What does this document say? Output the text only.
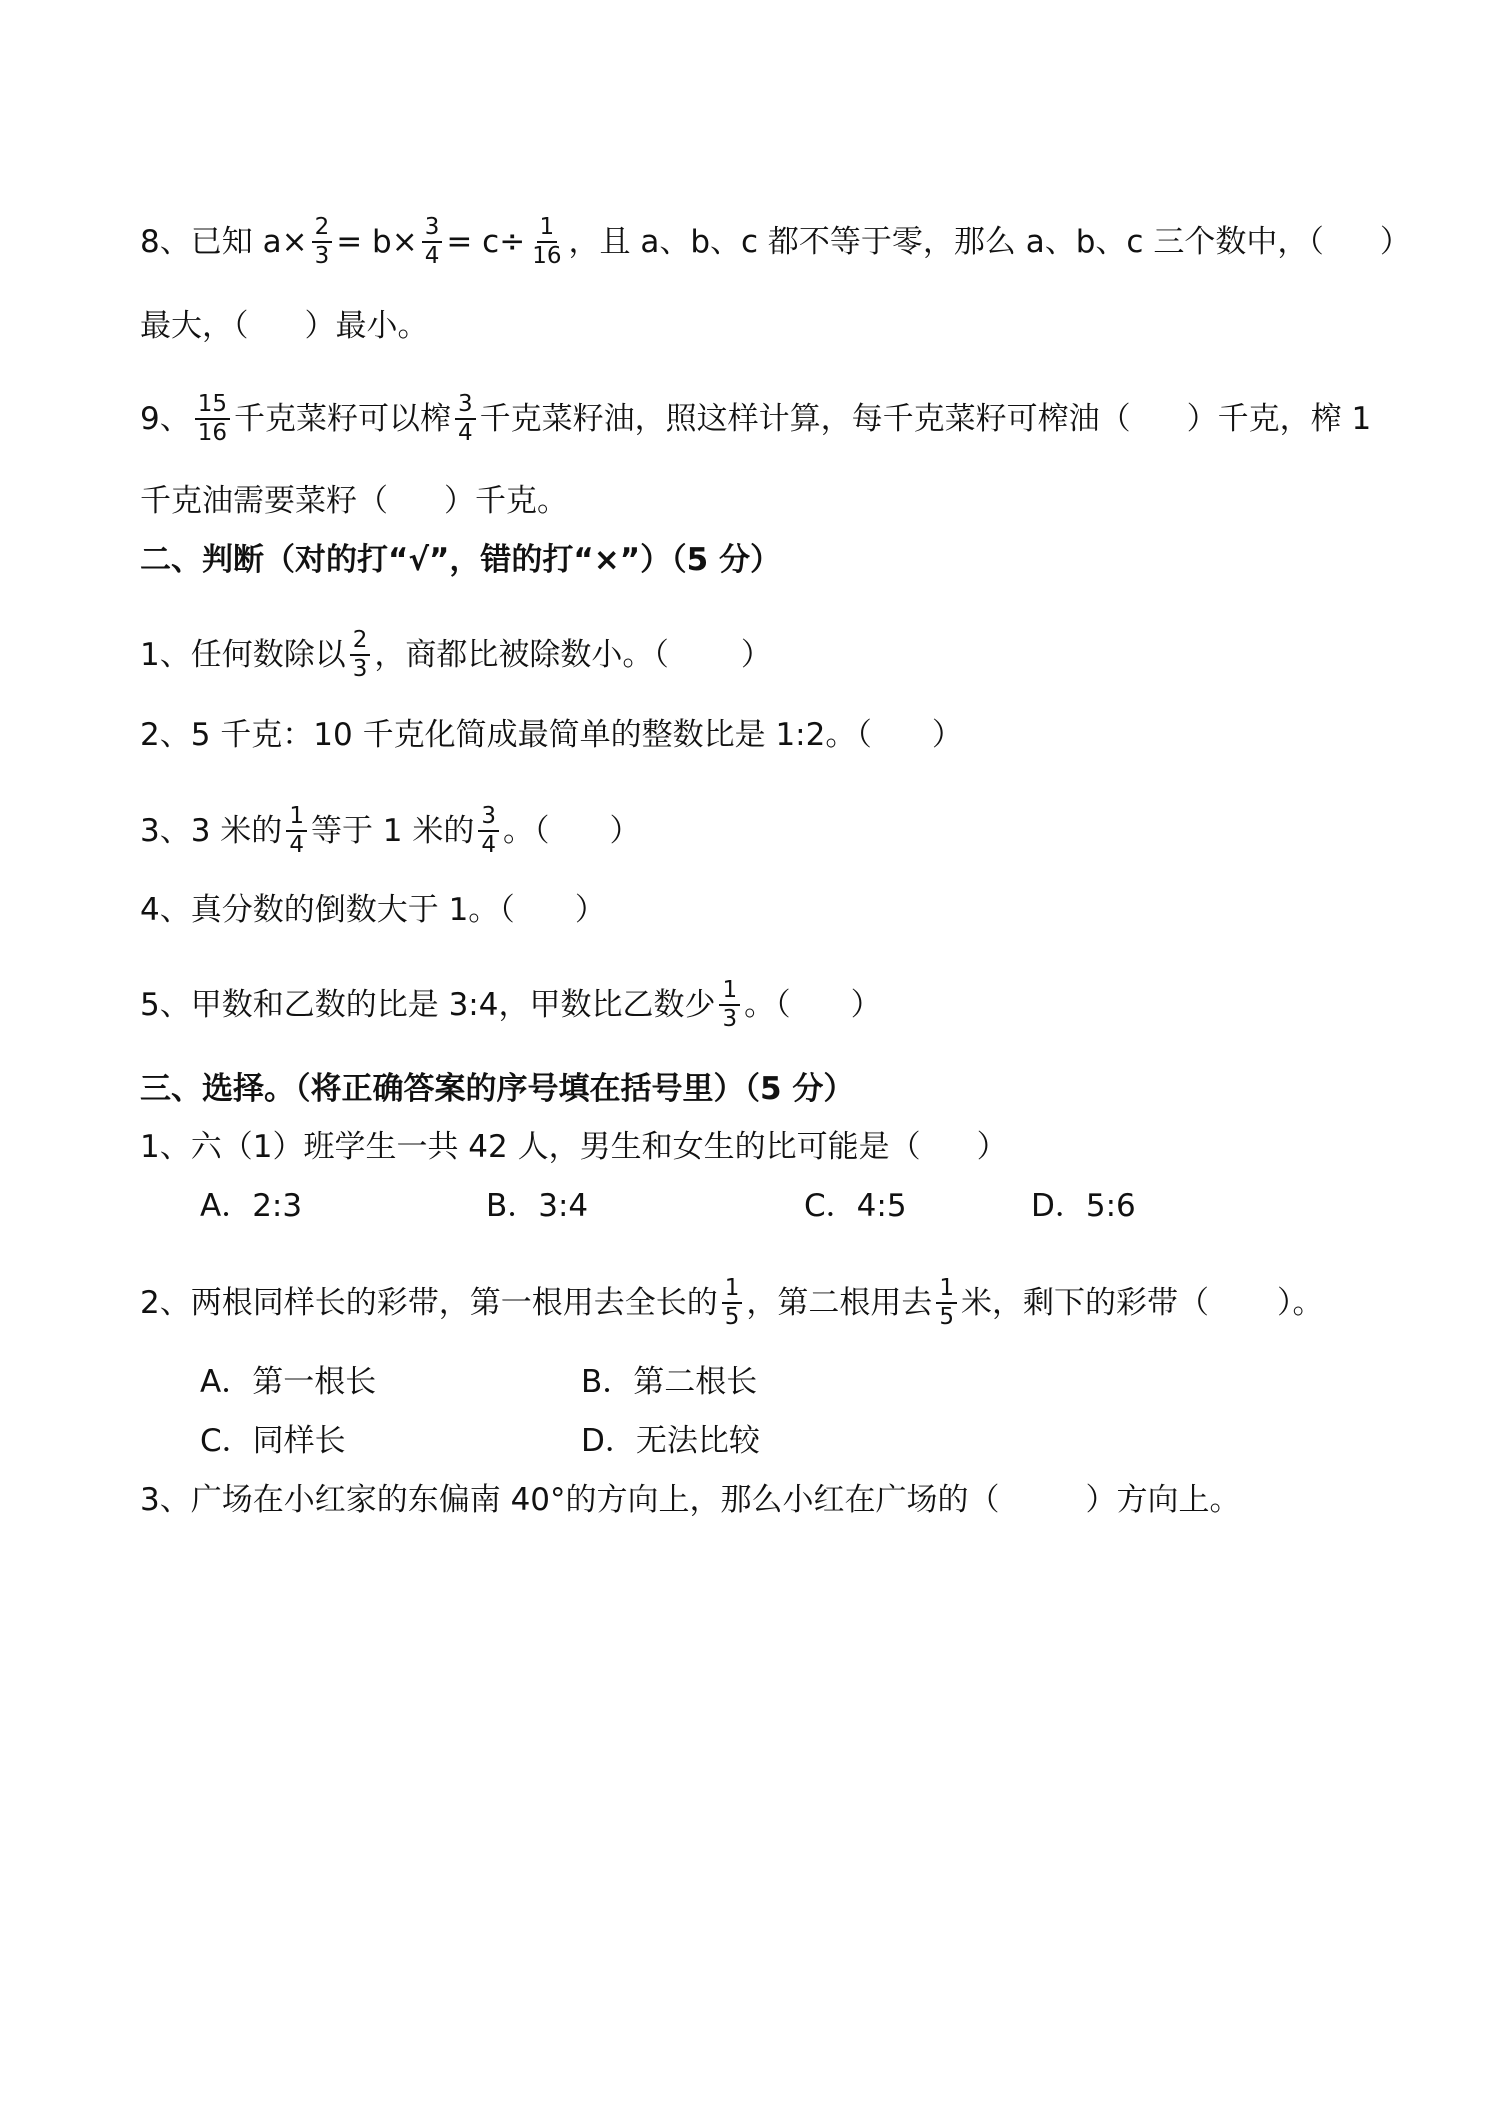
8、已知 $a\times \frac{2}{3} = b\times \frac{3}{4} = c\div \frac{1}{16}$ ，且 a、b、c 都不等于零，那么 a、b、c 三个数中，（ ）
最大，（ ）最小。
9、 $\frac{15}{16}$ 千克菜籽可以榨 $\frac{3}{4}$ 千克菜籽油，照这样计算，每千克菜籽可榨油（ ）千克，榨 1
千克油需要菜籽（ ）千克。
二、判断（对的打“√”，错的打“×”）（5 分）
1、任何数除以 $\frac{2}{3}$ ，商都比被除数小。（ ）
2、5 千克：10 千克化简成最简单的整数比是 1:2。（ ）
3、3 米的 $\frac{1}{4}$ 等于 1 米的 $\frac{3}{4}$ 。（ ）
4、真分数的倒数大于 1。（ ）
5、甲数和乙数的比是 3:4，甲数比乙数少 $\frac{1}{3}$ 。（ ）
三、选择。（将正确答案的序号填在括号里）（5 分）
1、六（1）班学生一共 42 人，男生和女生的比可能是（ ）
A．2:3	B．3:4	C．4:5	D．5:6
2、两根同样长的彩带，第一根用去全长的 $\frac{1}{5}$ ，第二根用去 $\frac{1}{5}$ 米，剩下的彩带（ ）。
A．第一根长	B．第二根长
C．同样长	D．无法比较
3、广场在小红家的东偏南 40°的方向上，那么小红在广场的（	）方向上。
